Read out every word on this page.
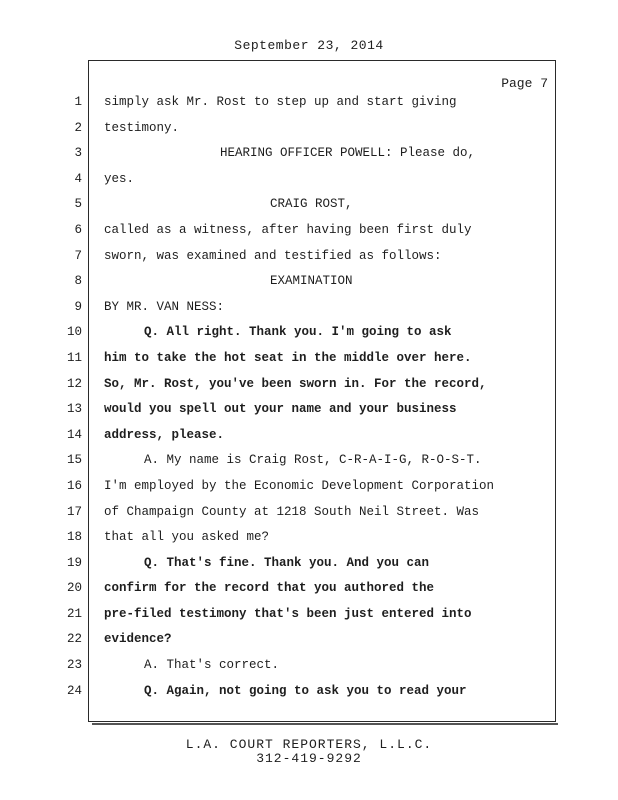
September 23, 2014
Page 7
1
2
3
4
5
6
7
8
9
10
11
12
13
14
15
16
17
18
19
20
21
22
23
24
simply ask Mr. Rost to step up and start giving
testimony.
HEARING OFFICER POWELL: Please do,
yes.
CRAIG ROST,
called as a witness, after having been first duly
sworn, was examined and testified as follows:
EXAMINATION
BY MR. VAN NESS:
Q. All right. Thank you. I'm going to ask
him to take the hot seat in the middle over here.
So, Mr. Rost, you've been sworn in. For the record,
would you spell out your name and your business
address, please.
A. My name is Craig Rost, C-R-A-I-G, R-O-S-T.
I'm employed by the Economic Development Corporation
of Champaign County at 1218 South Neil Street. Was
that all you asked me?
Q. That's fine. Thank you. And you can
confirm for the record that you authored the
pre-filed testimony that's been just entered into
evidence?
A. That's correct.
Q. Again, not going to ask you to read your
L.A. COURT REPORTERS, L.L.C.
312-419-9292
